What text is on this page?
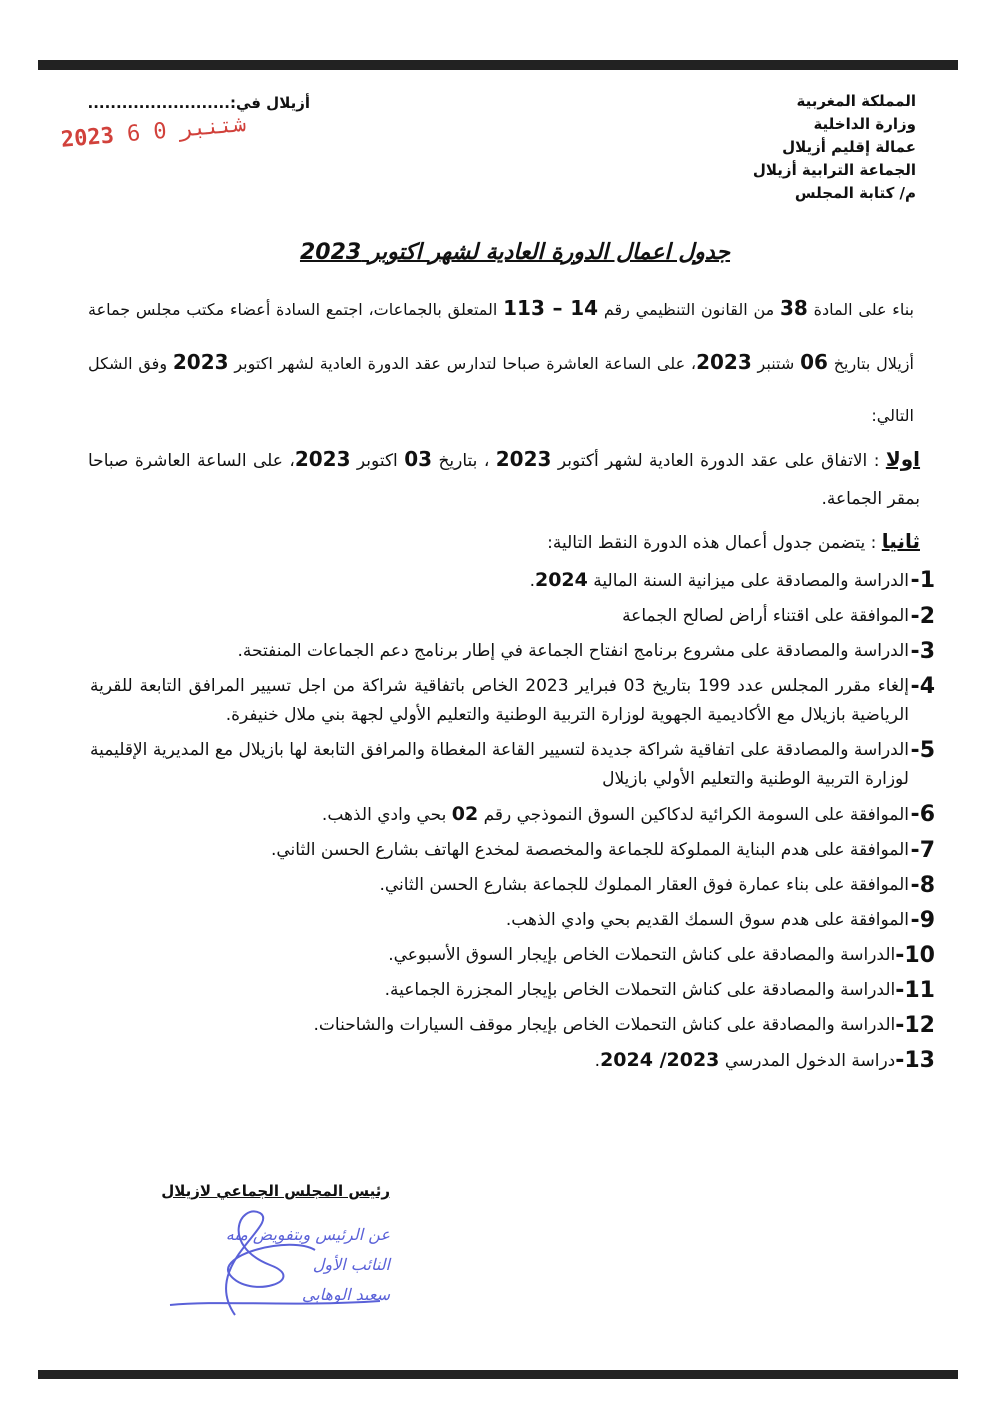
المملكة المغربية
وزارة الداخلية
عمالة إقليم أزيلال
الجماعة الترابية أزيلال
م/ كتابة المجلس
أزيلال في:.........................
2023	شتنبر 0 6
جدول اعمال الدورة العادية لشهر اكتوبر 2023
بناء على المادة 38 من القانون التنظيمي رقم 14 – 113 المتعلق بالجماعات، اجتمع السادة أعضاء مكتب مجلس جماعة أزيلال بتاريخ 06 شتنبر 2023، على الساعة العاشرة صباحا لتدارس عقد الدورة العادية لشهر اكتوبر 2023 وفق الشكل التالي:
اولا : الاتفاق على عقد الدورة العادية لشهر أكتوبر 2023 ، بتاريخ 03 اكتوبر 2023، على الساعة العاشرة صباحا بمقر الجماعة.
ثانيا : يتضمن جدول أعمال هذه الدورة النقط التالية:
1-
الدراسة والمصادقة على ميزانية السنة المالية 2024.
2-
الموافقة على اقتناء أراض لصالح الجماعة
3-
الدراسة والمصادقة على مشروع برنامج انفتاح الجماعة في إطار برنامج دعم الجماعات المنفتحة.
4-
إلغاء مقرر المجلس عدد 199 بتاريخ 03 فبراير 2023 الخاص باتفاقية شراكة من اجل تسيير المرافق التابعة للقرية الرياضية بازيلال مع الأكاديمية الجهوية لوزارة التربية الوطنية والتعليم الأولي لجهة بني ملال خنيفرة.
5-
الدراسة والمصادقة على اتفاقية شراكة جديدة لتسيير القاعة المغطاة والمرافق التابعة لها بازيلال مع المديرية الإقليمية لوزارة التربية الوطنية والتعليم الأولي بازيلال
6-
الموافقة على السومة الكرائية لدكاكين السوق النموذجي رقم 02 بحي وادي الذهب.
7-
الموافقة على هدم البناية المملوكة للجماعة والمخصصة لمخدع الهاتف بشارع الحسن الثاني.
8-
الموافقة على بناء عمارة فوق العقار المملوك للجماعة بشارع الحسن الثاني.
9-
الموافقة على هدم سوق السمك القديم بحي وادي الذهب.
10-
الدراسة والمصادقة على كناش التحملات الخاص بإيجار السوق الأسبوعي.
11-
الدراسة والمصادقة على كناش التحملات الخاص بإيجار المجزرة الجماعية.
12-
الدراسة والمصادقة على كناش التحملات الخاص بإيجار موقف السيارات والشاحنات.
13-
دراسة الدخول المدرسي 2023/ 2024.
رئيس المجلس الجماعي لازيلال
عن الرئيس وبتفويض منه
النائب الأول
سعيد الوهابي
